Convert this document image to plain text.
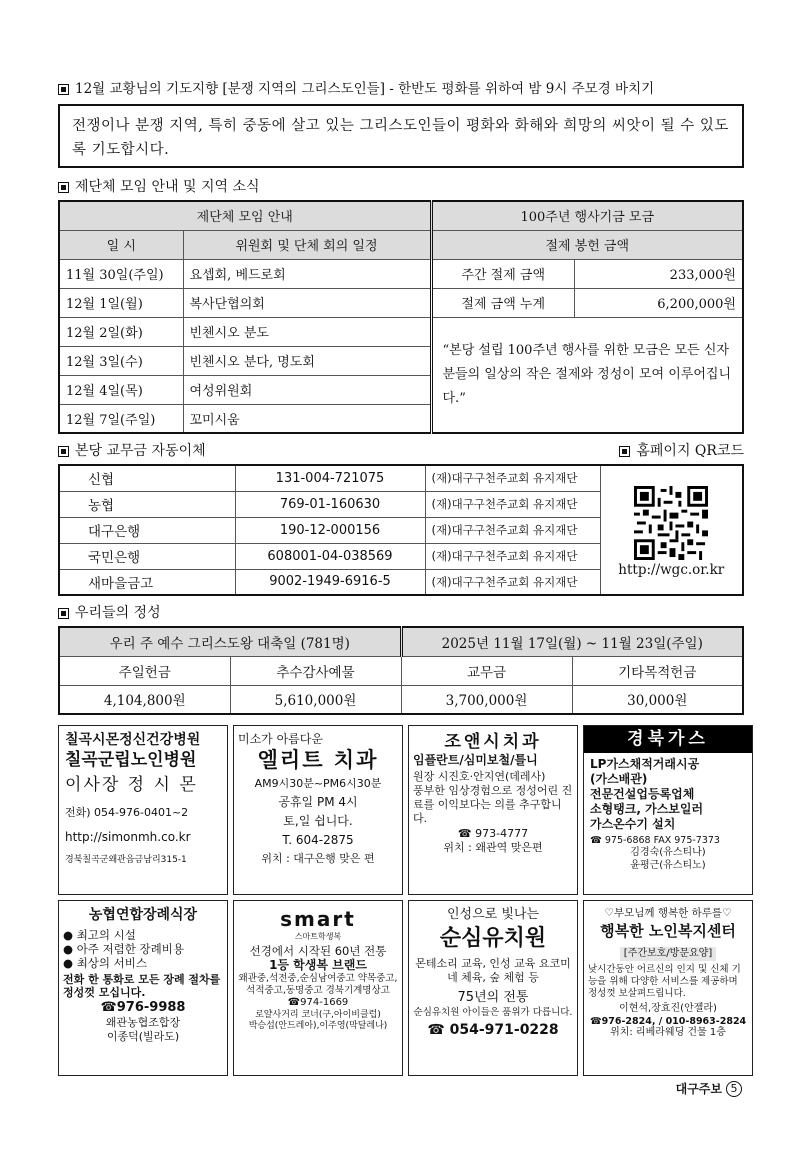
12월 교황님의 기도지향 [분쟁 지역의 그리스도인들] - 한반도 평화를 위하여 밤 9시 주모경 바치기
전쟁이나 분쟁 지역, 특히 중동에 살고 있는 그리스도인들이 평화와 화해와 희망의 씨앗이 될 수 있도록 기도합시다.
제단체 모임 안내 및 지역 소식
제단체 모임 안내		100주년 행사기금 모금	
일 시	위원회 및 단체 회의 일정	절제 봉헌 금액	
11월 30일(주일)	요셉회, 베드로회	주간 절제 금액	233,000원
12월 1일(월)	복사단협의회	절제 금액 누계	6,200,000원
12월 2일(화)	빈첸시오 분도	“본당 설립 100주년 행사를 위한 모금은 모든 신자 분들의 일상의 작은 절제와 정성이 모여 이루어집니다.”	
12월 3일(수)	빈첸시오 분다, 명도회		
12월 4일(목)	여성위원회		
12월 7일(주일)	꼬미시움		
본당 교무금 자동이체	홈페이지 QR코드
신협	131-004-721075	(재)대구구천주교회 유지재단	http://wgc.or.kr

농협	769-01-160630	(재)대구구천주교회 유지재단	
대구은행	190-12-000156	(재)대구구천주교회 유지재단	
국민은행	608001-04-038569	(재)대구구천주교회 유지재단	
새마을금고	9002-1949-6916-5	(재)대구구천주교회 유지재단	
우리들의 정성
우리 주 예수 그리스도왕 대축일 (781명)		2025년 11월 17일(월) ~ 11월 23일(주일)	
주일헌금	추수감사예물	교무금	기타목적헌금
4,104,800원	5,610,000원	3,700,000원	30,000원

칠곡시몬정신건강병원

칠곡군립노인병원

이사장 정 시 몬

전화) 054-976-0401~2

http://simonmh.co.kr

경북칠곡군왜관읍금남리315-1

미소가 아름다운

엘리트 치과

AM9시30분~PM6시30분

공휴일 PM 4시

토,일 쉽니다.

T. 604-2875

위치 : 대구은행 맞은 편

조앤시치과

임플란트/심미보철/틀니

원장 시진호·안지연(데레사)

풍부한 임상경험으로 정성어린 진료를 이익보다는 의를 추구합니다.

☎ 973-4777

위치 : 왜관역 맞은편

경북가스

LP가스채적거래시공

(가스배관)

전문건설업등록업체

소형탱크, 가스보일러

가스온수기 설치

☎ 975-6868 FAX 975-7373

김경숙(유스티나)

윤평근(유스티노)

농협연합장례식장

● 최고의 시설

● 아주 저렴한 장례비용

● 최상의 서비스

전화 한 통화로 모든 장례 절차를 정성껏 모십니다.

☎976-9988

왜관농협조합장

이종덕(빌라도)

smart

스마트학생복

선경에서 시작된 60년 전통

1등 학생복 브랜드

왜관중,석전중,순심남여중고 약목중고,석적중고,동명중고 경북기계명상고

☎974-1669

로얄사거리 코너(구,아이비클럽)

박승섭(안드레아),이주영(막달레나)

인성으로 빛나는

순심유치원

몬테소리 교육, 인성 교육 요코미네 체육, 숲 체험 등

75년의 전통

순심유치원 아이들은 품위가 다릅니다.

☎ 054-971-0228

♡부모님께 행복한 하루를♡

행복한 노인복지센터

[주간보호/방문요양]

낮시간동안 어르신의 인지 및 신체 기능을 위해 다양한 서비스를 제공하며 정성껏 보살펴드립니다.

이현석,장효진(안젤라)

☎976-2824, / 010-8963-2824

위치: 리베라웨딩 건물 1층

대구주보 5
